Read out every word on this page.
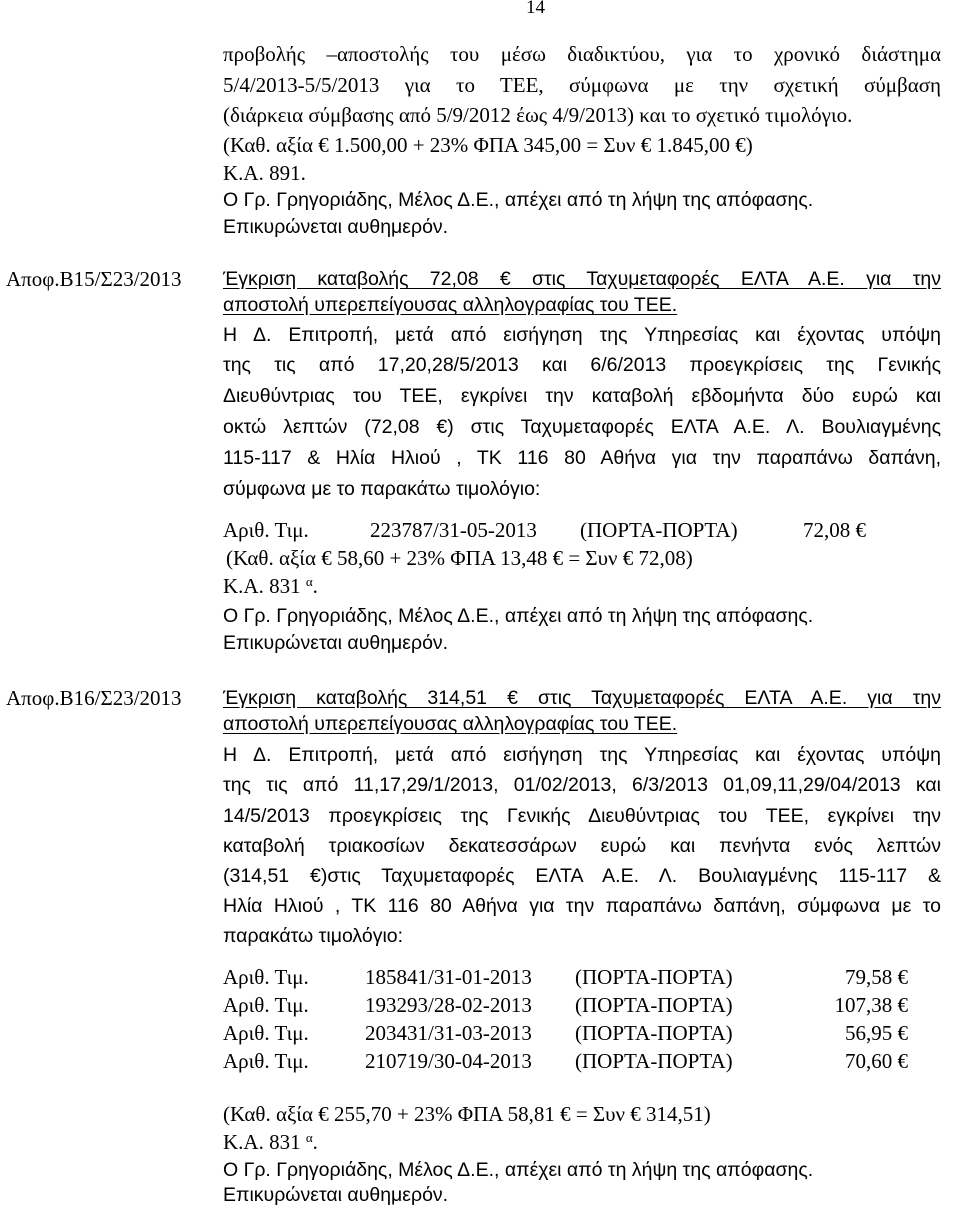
14
προβολής –αποστολής του μέσω διαδικτύου, για το χρονικό διάστημα
5/4/2013-5/5/2013 για το ΤΕΕ, σύμφωνα με την σχετική σύμβαση
(διάρκεια σύμβασης από 5/9/2012 έως 4/9/2013) και το σχετικό τιμολόγιο.
(Καθ. αξία € 1.500,00 + 23% ΦΠΑ 345,00 = Συν € 1.845,00 €)
Κ.Α. 891.
Ο Γρ. Γρηγοριάδης, Μέλος Δ.Ε., απέχει από τη λήψη της απόφασης.
Επικυρώνεται αυθημερόν.
Αποφ.Β15/Σ23/2013 Έγκριση καταβολής 72,08 € στις Ταχυμεταφορές ΕΛΤΑ Α.Ε. για την
αποστολή υπερεπείγουσας αλληλογραφίας του ΤΕΕ.
Η Δ. Επιτροπή, μετά από εισήγηση της Υπηρεσίας και έχοντας υπόψη
της τις από 17,20,28/5/2013 και 6/6/2013 προεγκρίσεις της Γενικής
Διευθύντριας του ΤΕΕ, εγκρίνει την καταβολή εβδομήντα δύο ευρώ και
οκτώ λεπτών (72,08 €) στις Ταχυμεταφορές ΕΛΤΑ Α.Ε. Λ. Βουλιαγμένης
115-117 & Ηλία Ηλιού , ΤΚ 116 80 Αθήνα για την παραπάνω δαπάνη,
σύμφωνα με το παρακάτω τιμολόγιο:
Αριθ. Τιμ.	223787/31-05-2013 (ΠΟΡΤΑ-ΠΟΡΤΑ)	72,08 €
(Καθ. αξία € 58,60 + 23% ΦΠΑ 13,48 € = Συν € 72,08)
Κ.Α. 831 $^\alpha$.
Ο Γρ. Γρηγοριάδης, Μέλος Δ.Ε., απέχει από τη λήψη της απόφασης.
Επικυρώνεται αυθημερόν.
Αποφ.Β16/Σ23/2013 Έγκριση καταβολής 314,51 € στις Ταχυμεταφορές ΕΛΤΑ Α.Ε. για την
αποστολή υπερεπείγουσας αλληλογραφίας του ΤΕΕ.
Η Δ. Επιτροπή, μετά από εισήγηση της Υπηρεσίας και έχοντας υπόψη
της τις από 11,17,29/1/2013, 01/02/2013, 6/3/2013 01,09,11,29/04/2013 και
14/5/2013 προεγκρίσεις της Γενικής Διευθύντριας του ΤΕΕ, εγκρίνει την
καταβολή τριακοσίων δεκατεσσάρων ευρώ και πενήντα ενός λεπτών
(314,51 €)στις Ταχυμεταφορές ΕΛΤΑ Α.Ε. Λ. Βουλιαγμένης 115-117 &
Ηλία Ηλιού , ΤΚ 116 80 Αθήνα για την παραπάνω δαπάνη, σύμφωνα με το
παρακάτω τιμολόγιο:
Αριθ. Τιμ.	185841/31-01-2013 (ΠΟΡΤΑ-ΠΟΡΤΑ)	79,58 €
Αριθ. Τιμ.	193293/28-02-2013 (ΠΟΡΤΑ-ΠΟΡΤΑ)	107,38 €
Αριθ. Τιμ.	203431/31-03-2013 (ΠΟΡΤΑ-ΠΟΡΤΑ)	56,95 €
Αριθ. Τιμ.	210719/30-04-2013 (ΠΟΡΤΑ-ΠΟΡΤΑ)	70,60 €
(Καθ. αξία € 255,70 + 23% ΦΠΑ 58,81 € = Συν € 314,51)
Κ.Α. 831 $^\alpha$.
Ο Γρ. Γρηγοριάδης, Μέλος Δ.Ε., απέχει από τη λήψη της απόφασης.
Επικυρώνεται αυθημερόν.
